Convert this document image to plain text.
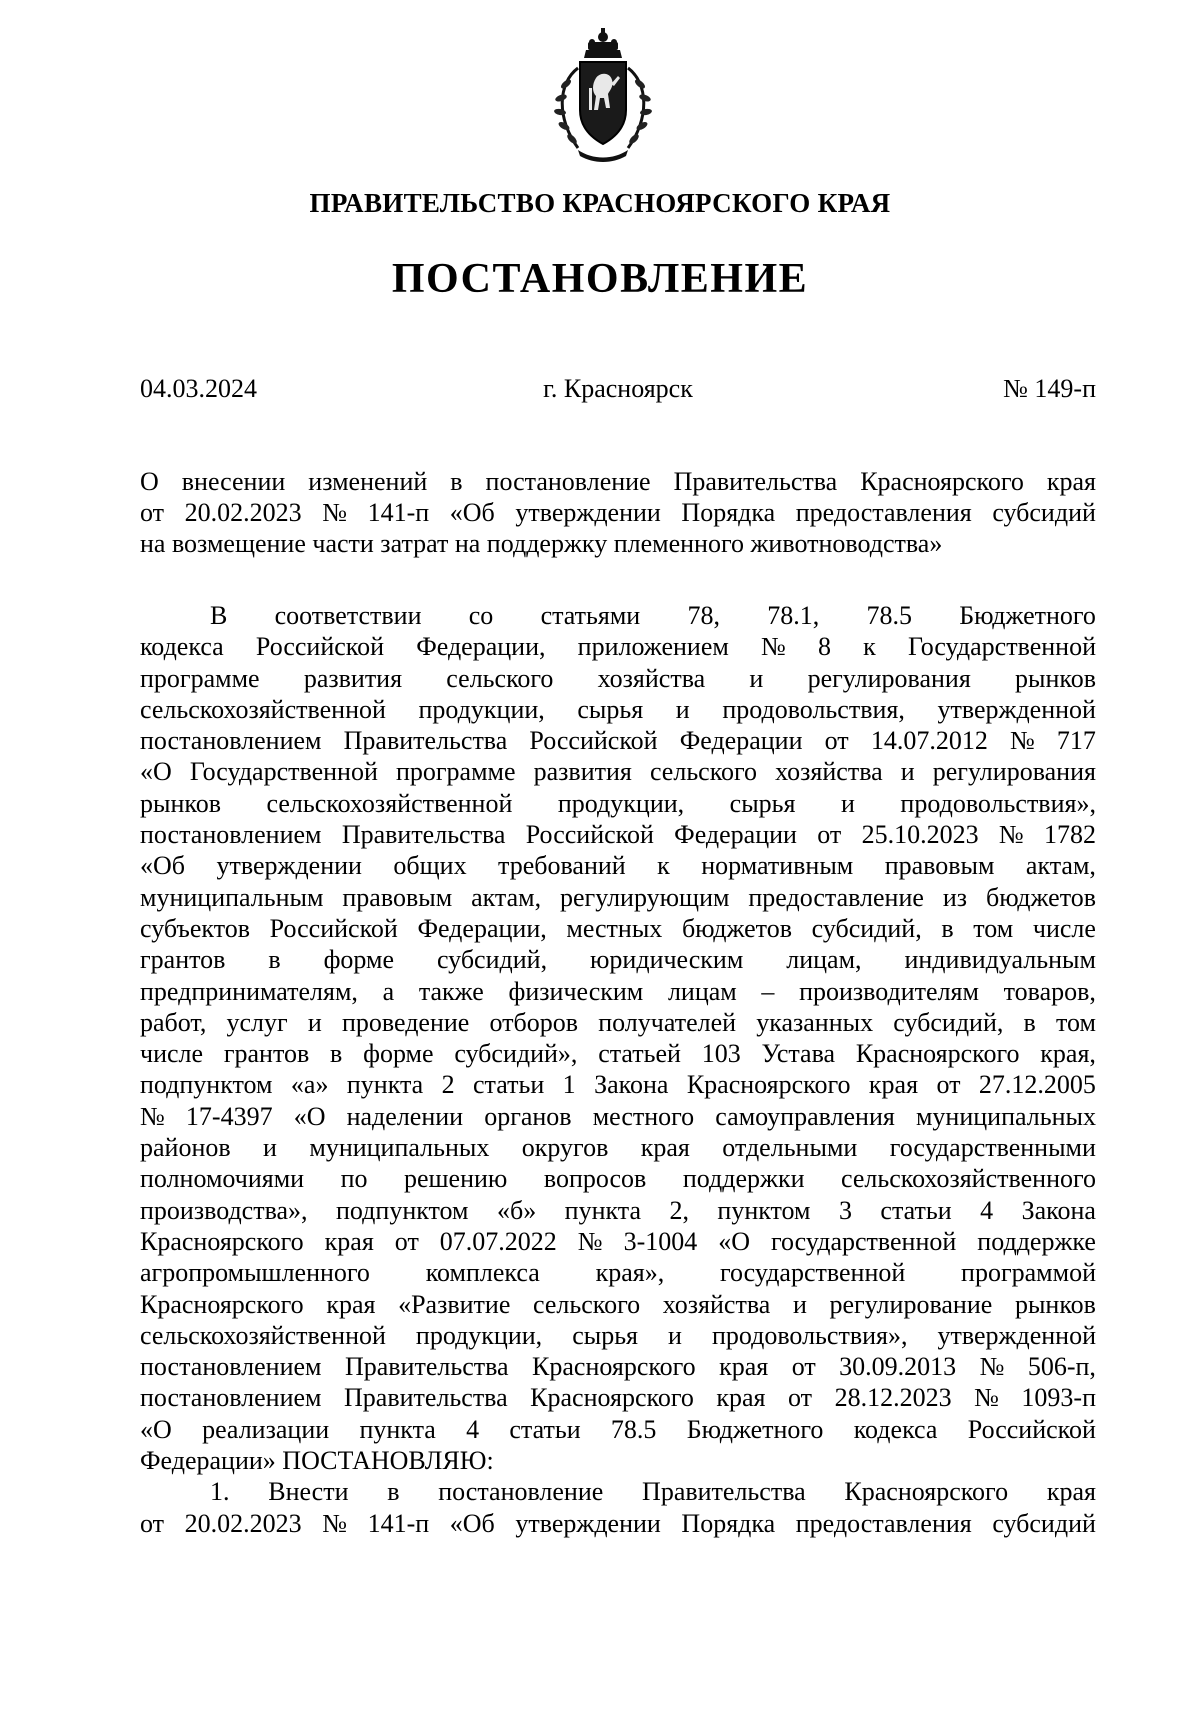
ПРАВИТЕЛЬСТВО КРАСНОЯРСКОГО КРАЯ
ПОСТАНОВЛЕНИЕ
04.03.2024	г. Красноярск	№ 149-п
О внесении изменений в постановление Правительства Красноярского края
от 20.02.2023 № 141-п «Об утверждении Порядка предоставления субсидий
на возмещение части затрат на поддержку племенного животноводства»
В соответствии со статьями 78, 78.1, 78.5 Бюджетного
кодекса Российской Федерации, приложением № 8 к Государственной
программе развития сельского хозяйства и регулирования рынков
сельскохозяйственной продукции, сырья и продовольствия, утвержденной
постановлением Правительства Российской Федерации от 14.07.2012 № 717
«О Государственной программе развития сельского хозяйства и регулирования
рынков сельскохозяйственной продукции, сырья и продовольствия»,
постановлением Правительства Российской Федерации от 25.10.2023 № 1782
«Об утверждении общих требований к нормативным правовым актам,
муниципальным правовым актам, регулирующим предоставление из бюджетов
субъектов Российской Федерации, местных бюджетов субсидий, в том числе
грантов в форме субсидий, юридическим лицам, индивидуальным
предпринимателям, а также физическим лицам – производителям товаров,
работ, услуг и проведение отборов получателей указанных субсидий, в том
числе грантов в форме субсидий», статьей 103 Устава Красноярского края,
подпунктом «а» пункта 2 статьи 1 Закона Красноярского края от 27.12.2005
№ 17-4397 «О наделении органов местного самоуправления муниципальных
районов и муниципальных округов края отдельными государственными
полномочиями по решению вопросов поддержки сельскохозяйственного
производства», подпунктом «б» пункта 2, пунктом 3 статьи 4 Закона
Красноярского края от 07.07.2022 № 3-1004 «О государственной поддержке
агропромышленного комплекса края», государственной программой
Красноярского края «Развитие сельского хозяйства и регулирование рынков
сельскохозяйственной продукции, сырья и продовольствия», утвержденной
постановлением Правительства Красноярского края от 30.09.2013 № 506-п,
постановлением Правительства Красноярского края от 28.12.2023 № 1093-п
«О реализации пункта 4 статьи 78.5 Бюджетного кодекса Российской
Федерации» ПОСТАНОВЛЯЮ:
1. Внести в постановление Правительства Красноярского края
от 20.02.2023 № 141-п «Об утверждении Порядка предоставления субсидий
